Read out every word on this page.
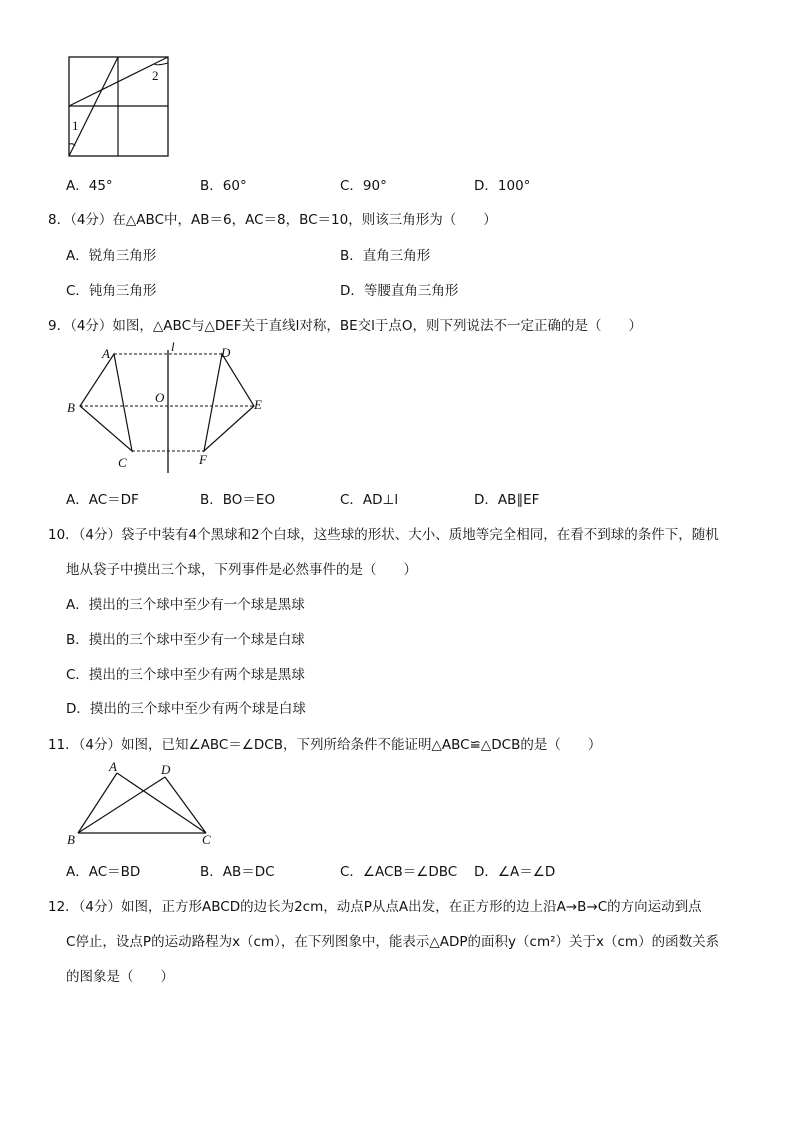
1
2
A．45°	B．60°	C．90°	D．100°
8．（4分）在△ABC中，AB＝6，AC＝8，BC＝10，则该三角形为（　　）
A．锐角三角形	B．直角三角形
C．钝角三角形	D．等腰直角三角形
9．（4分）如图，△ABC与△DEF关于直线l对称，BE交l于点O，则下列说法不一定正确的是（　　）
l
A
B
C
D
E
F
O
A．AC＝DF	B．BO＝EO	C．AD⊥l	D．AB∥EF
10．（4分）袋子中装有4个黑球和2个白球，这些球的形状、大小、质地等完全相同，在看不到球的条件下，随机
地从袋子中摸出三个球，下列事件是必然事件的是（　　）
A．摸出的三个球中至少有一个球是黑球
B．摸出的三个球中至少有一个球是白球
C．摸出的三个球中至少有两个球是黑球
D．摸出的三个球中至少有两个球是白球
11．（4分）如图，已知∠ABC＝∠DCB，下列所给条件不能证明△ABC≌△DCB的是（　　）
A	D
B	C
A．AC＝BD	B．AB＝DC	C．∠ACB＝∠DBC D．∠A＝∠D
12．（4分）如图，正方形ABCD的边长为2cm，动点P从点A出发，在正方形的边上沿A→B→C的方向运动到点
C停止，设点P的运动路程为x（cm），在下列图象中，能表示△ADP的面积y（cm²）关于x（cm）的函数关系
的图象是（　　）
